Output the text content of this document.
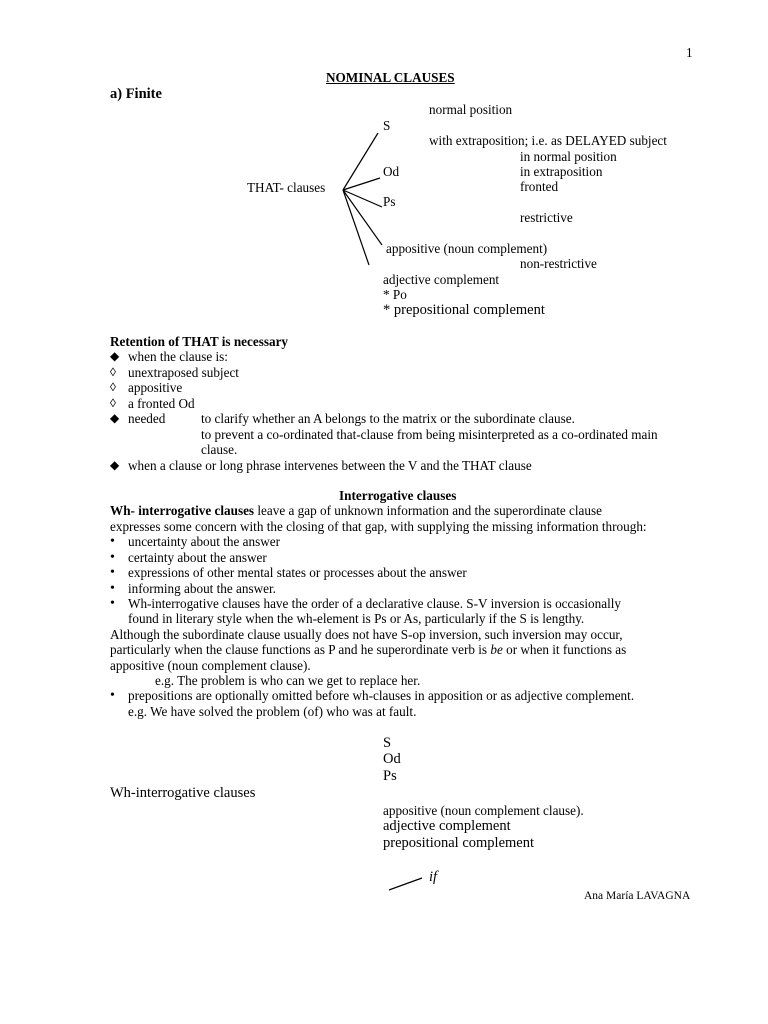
1
NOMINAL CLAUSES
a) Finite
THAT- clauses
normal position
S
with extraposition; i.e. as DELAYED subject
in normal position
Od	in extraposition
fronted
Ps
restrictive
appositive (noun complement)
non-restrictive
adjective complement
* Po
* prepositional complement
Retention of THAT is necessary
◆ when the clause is:
◊ unextraposed subject
◊ appositive
◊ a fronted Od
◆ needed	to clarify whether an A belongs to the matrix or the subordinate clause.
to prevent a co-ordinated that-clause from being misinterpreted as a co-ordinated main
clause.
◆ when a clause or long phrase intervenes between the V and the THAT clause
Interrogative clauses
Wh- interrogative clauses leave a gap of unknown information and the superordinate clause
expresses some concern with the closing of that gap, with supplying the missing information through:
• uncertainty about the answer
• certainty about the answer
• expressions of other mental states or processes about the answer
• informing about the answer.
• Wh-interrogative clauses have the order of a declarative clause. S-V inversion is occasionally
found in literary style when the wh-element is Ps or As, particularly if the S is lengthy.
Although the subordinate clause usually does not have S-op inversion, such inversion may occur,
particularly when the clause functions as P and he superordinate verb is be or when it functions as
appositive (noun complement clause).
e.g. The problem is who can we get to replace her.
• prepositions are optionally omitted before wh-clauses in apposition or as adjective complement.
e.g. We have solved the problem (of) who was at fault.
S
Od
Ps
Wh-interrogative clauses
appositive (noun complement clause).
adjective complement
prepositional complement
if
Ana María LAVAGNA
